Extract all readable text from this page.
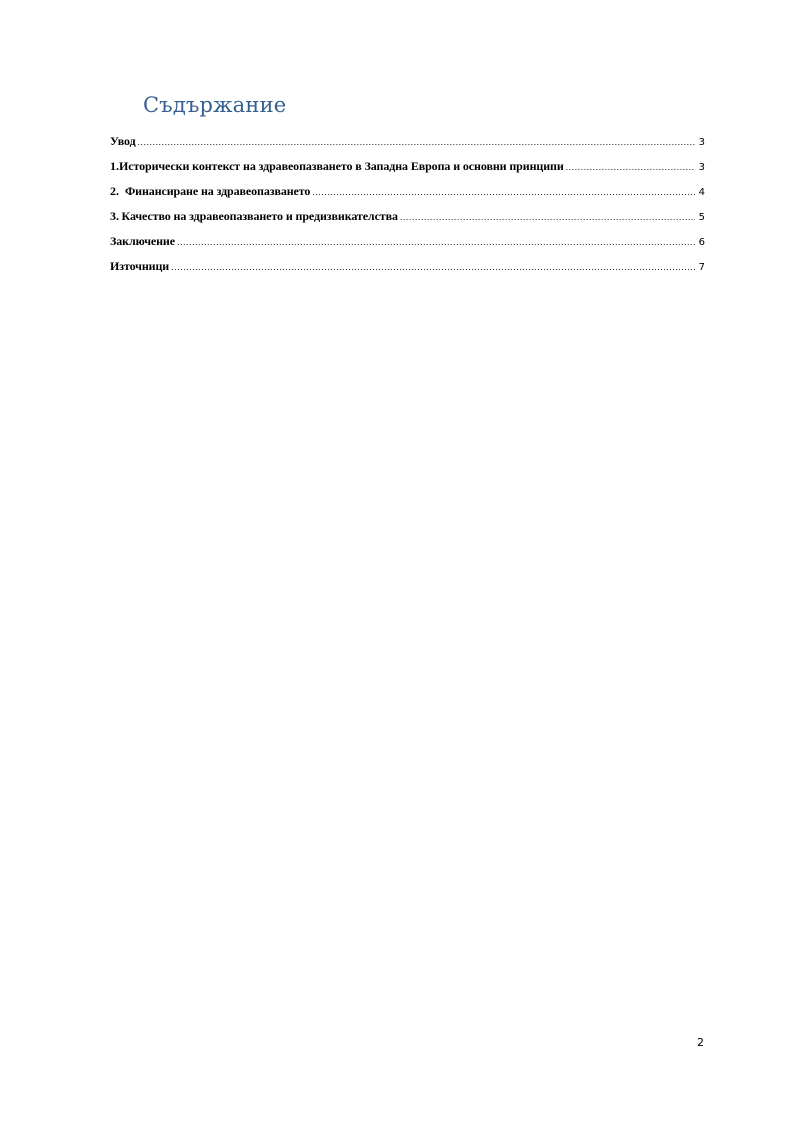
Съдържание
Увод .....	3
1. Исторически контекст на здравеопазването в Западна Европа и основни принципи .....	3
2. Финансиране на здравеопазването .....	4
3. Качество на здравеопазването и предизвикателства .....	5
Заключение .....	6
Източници .....	7
2
